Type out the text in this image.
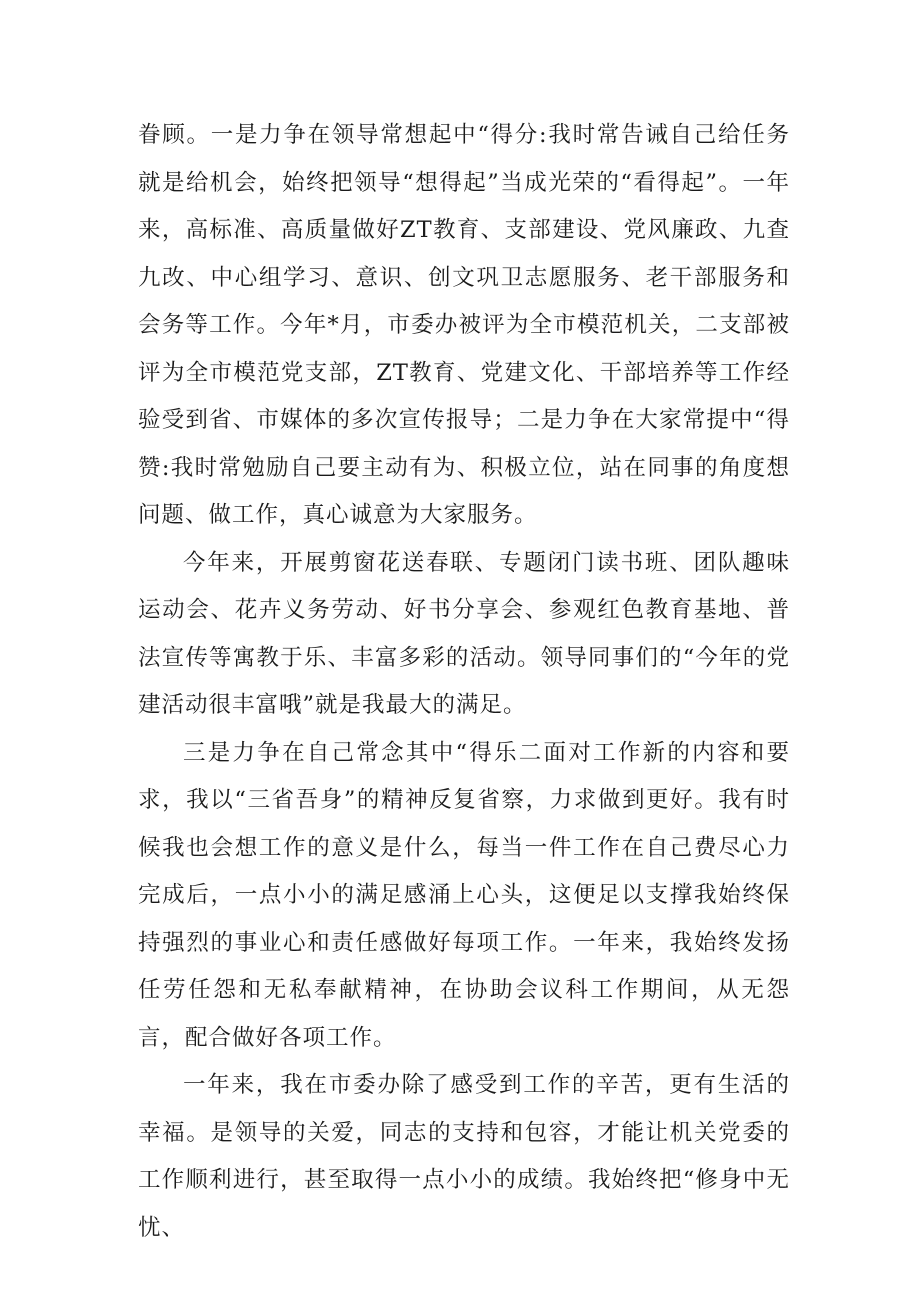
眷顾。一是力争在领导常想起中“得分:我时常告诫自己给任务就是给机会，始终把领导“想得起”当成光荣的“看得起”。一年来，高标准、高质量做好ZT教育、支部建设、党风廉政、九查九改、中心组学习、意识、创文巩卫志愿服务、老干部服务和会务等工作。今年*月，市委办被评为全市模范机关，二支部被评为全市模范党支部，ZT教育、党建文化、干部培养等工作经验受到省、市媒体的多次宣传报导；二是力争在大家常提中“得赞:我时常勉励自己要主动有为、积极立位，站在同事的角度想问题、做工作，真心诚意为大家服务。

今年来，开展剪窗花送春联、专题闭门读书班、团队趣味运动会、花卉义务劳动、好书分享会、参观红色教育基地、普法宣传等寓教于乐、丰富多彩的活动。领导同事们的“今年的党建活动很丰富哦”就是我最大的满足。

三是力争在自己常念其中“得乐二面对工作新的内容和要求，我以“三省吾身”的精神反复省察，力求做到更好。我有时候我也会想工作的意义是什么，每当一件工作在自己费尽心力完成后，一点小小的满足感涌上心头，这便足以支撑我始终保持强烈的事业心和责任感做好每项工作。一年来，我始终发扬任劳任怨和无私奉献精神，在协助会议科工作期间，从无怨言，配合做好各项工作。

一年来，我在市委办除了感受到工作的辛苦，更有生活的幸福。是领导的关爱，同志的支持和包容，才能让机关党委的工作顺利进行，甚至取得一点小小的成绩。我始终把“修身中无忧、
